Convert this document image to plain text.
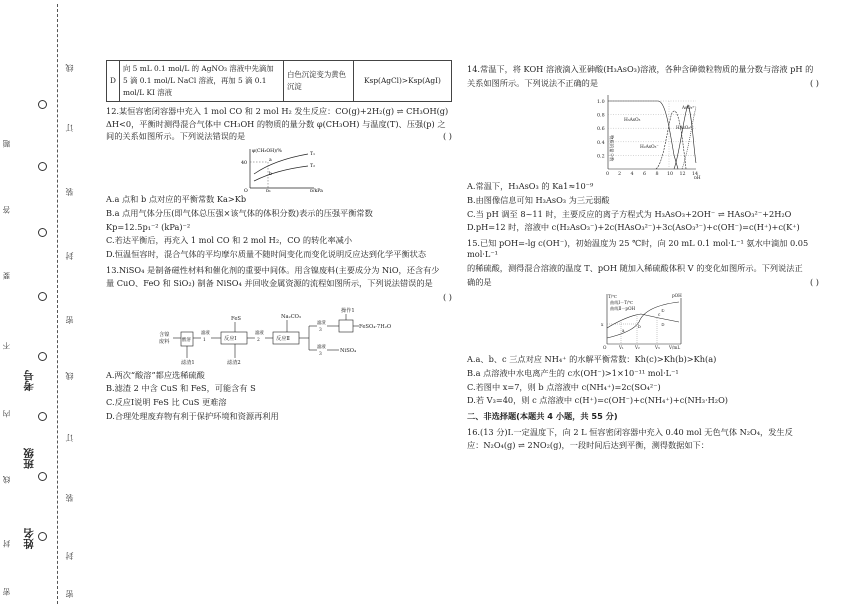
线
订
装
封
密
线
订
装
封
密
考号
班级
姓名
题
答
要
不
内
线
封
密
D	向 5 mL 0.1 mol/L 的 AgNO₃ 溶液中先滴加 5 滴 0.1 mol/L NaCl 溶液，再加 5 滴 0.1 mol/L KI 溶液	白色沉淀变为黄色沉淀	Ksp(AgCl)>Ksp(AgI)
12.某恒容密闭容器中充入 1 mol CO 和 2 mol H₂ 发生反应：CO(g)+2H₂(g) ⇌ CH₃OH(g)
ΔH<0，平衡时测得混合气体中 CH₃OH 的物质的量分数 φ(CH₃OH) 与温度(T)、压强(p) 之间的关系如图所示。下列说法错误的是	( )
φ(CH₃OH)/%
40
O	p₁	p/kPa
T₁
T₂
a
b
A.a 点和 b 点对应的平衡常数 Ka>Kb
B.a 点用气体分压(即气体总压强×该气体的体积分数)表示的压强平衡常数
Kp=12.5p₁⁻² (kPa)⁻²
C.若达平衡后，再充入 1 mol CO 和 2 mol H₂，CO 的转化率减小
D.恒温恒容时，混合气体的平均摩尔质量不随时间变化而变化说明反应达到化学平衡状态
13.NiSO₄ 是制备磁性材料和催化剂的重要中间体。用含镍废料(主要成分为 NiO，还含有少
量 CuO、FeO 和 SiO₂) 制备 NiSO₄ 并回收金属资源的流程如图所示，下列说法错误的是
( )
含镍
废料	酸溶
滤液
1
滤渣1
FeS
反应Ⅰ
滤渣2
滤液
2
Na₂CO₃
反应Ⅱ
滤渣
3
滤液
3
操作1
FeSO₄·7H₂O
NiSO₄
A.两次“酸溶”都应选稀硫酸
B.滤渣 2 中含 CuS 和 FeS，可能含有 S
C.反应Ⅰ说明 FeS 比 CuS 更难溶
D.合理处理废弃物有利于保护环境和资源再利用
14.常温下，将 KOH 溶液滴入亚砷酸(H₃AsO₃)溶液，各种含砷微粒物质的量分数与溶液 pH 的
关系如图所示。下列说法不正确的是	( )
物质的量分数
1.0
0.8
0.6
0.4
0.2
0 2 4 6 8 10 12 14
pH
H₃AsO₃
H₂AsO₃⁻
HAsO₃²⁻
AsO₃³⁻
A.常温下，H₃AsO₃ 的 Ka1≈10⁻⁹
B.由图像信息可知 H₃AsO₃ 为三元弱酸
C.当 pH 调至 8~11 时，主要反应的离子方程式为 H₃AsO₃+2OH⁻ ⇌ HAsO₃²⁻+2H₂O
D.pH=12 时，溶液中 c(H₂AsO₃⁻)+2c(HAsO₃²⁻)+3c(AsO₃³⁻)+c(OH⁻)=c(H⁺)+c(K⁺)
15.已知 pOH=-lg c(OH⁻)，初始温度为 25 ℃时，向 20 mL 0.1 mol·L⁻¹ 氨水中滴加 0.05 mol·L⁻¹
的稀硫酸，测得混合溶液的温度 T、pOH 随加入稀硫酸体积 V 的变化如图所示。下列说法正
确的是	( )
T/℃
曲线Ⅰ－T/℃
曲线Ⅱ－pOH
pOH
x
①
②
a
b
c
O	V₁	V₂	V₃ V/mL
A.a、b、c 三点对应 NH₄⁺ 的水解平衡常数：Kh(c)>Kh(b)>Kh(a)
B.a 点溶液中水电离产生的 c水(OH⁻)>1×10⁻¹¹ mol·L⁻¹
C.若图中 x=7，则 b 点溶液中 c(NH₄⁺)=2c(SO₄²⁻)
D.若 V₃=40，则 c 点溶液中 c(H⁺)=c(OH⁻)+c(NH₄⁺)+c(NH₃·H₂O)
二、非选择题(本题共 4 小题，共 55 分)
16.(13 分)Ⅰ.一定温度下，向 2 L 恒容密闭容器中充入 0.40 mol 无色气体 N₂O₄，发生反
应：N₂O₄(g) ⇌ 2NO₂(g)，一段时间后达到平衡，测得数据如下：
